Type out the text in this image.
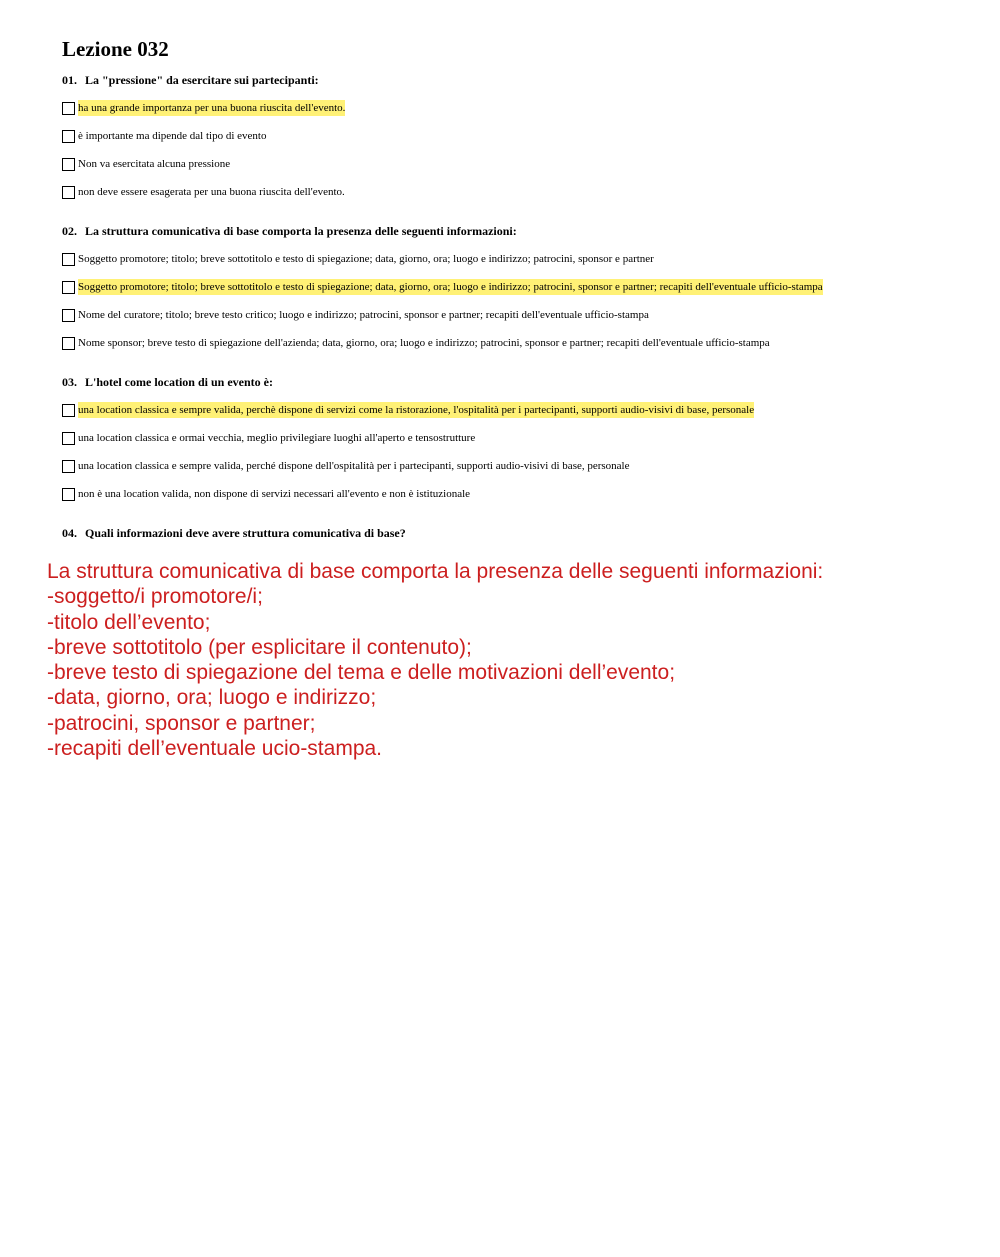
Lezione 032
01. La "pressione" da esercitare sui partecipanti:
ha una grande importanza per una buona riuscita dell'evento.
è importante ma dipende dal tipo di evento
Non va esercitata alcuna pressione
non deve essere esagerata per una buona riuscita dell'evento.
02. La struttura comunicativa di base comporta la presenza delle seguenti informazioni:
Soggetto promotore; titolo; breve sottotitolo e testo di spiegazione; data, giorno, ora; luogo e indirizzo; patrocini, sponsor e partner
Soggetto promotore; titolo; breve sottotitolo e testo di spiegazione; data, giorno, ora; luogo e indirizzo; patrocini, sponsor e partner; recapiti dell'eventuale ufficio-stampa
Nome del curatore; titolo; breve testo critico; luogo e indirizzo; patrocini, sponsor e partner; recapiti dell'eventuale ufficio-stampa
Nome sponsor; breve testo di spiegazione dell'azienda; data, giorno, ora; luogo e indirizzo; patrocini, sponsor e partner; recapiti dell'eventuale ufficio-stampa
03. L'hotel come location di un evento è:
una location classica e sempre valida, perchè dispone di servizi come la ristorazione, l'ospitalità per i partecipanti, supporti audio-visivi di base, personale
una location classica e ormai vecchia, meglio privilegiare luoghi all'aperto e tensostrutture
una location classica e sempre valida, perché dispone dell'ospitalità per i partecipanti, supporti audio-visivi di base, personale
non è una location valida, non dispone di servizi necessari all'evento e non è istituzionale
04. Quali informazioni deve avere struttura comunicativa di base?
La struttura comunicativa di base comporta la presenza delle seguenti informazioni:
-soggetto/i promotore/i;
-titolo dell’evento;
-breve sottotitolo (per esplicitare il contenuto);
-breve testo di spiegazione del tema e delle motivazioni dell’evento;
-data, giorno, ora; luogo e indirizzo;
-patrocini, sponsor e partner;
-recapiti dell’eventuale ucio-stampa.
